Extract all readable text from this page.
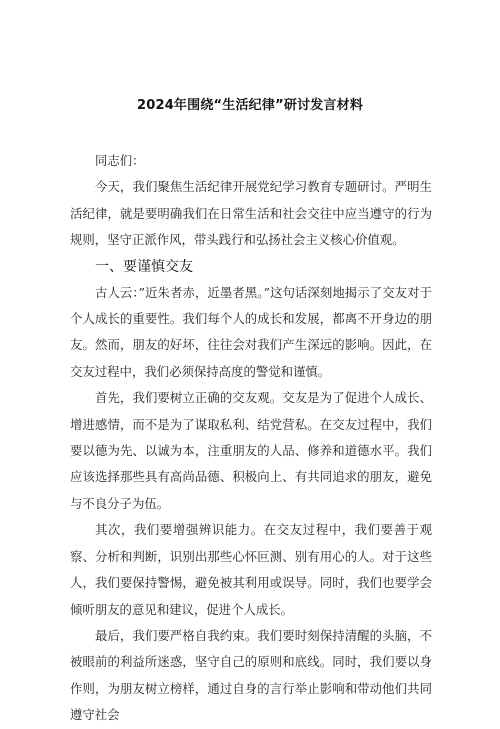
2024年围绕“生活纪律”研讨发言材料

同志们：

今天，我们聚焦生活纪律开展党纪学习教育专题研讨。严明生活纪律，就是要明确我们在日常生活和社会交往中应当遵守的行为规则，坚守正派作风，带头践行和弘扬社会主义核心价值观。

一、要谨慎交友

古人云：”近朱者赤，近墨者黑。”这句话深刻地揭示了交友对于个人成长的重要性。我们每个人的成长和发展，都离不开身边的朋友。然而，朋友的好坏，往往会对我们产生深远的影响。因此，在交友过程中，我们必须保持高度的警觉和谨慎。

首先，我们要树立正确的交友观。交友是为了促进个人成长、增进感情，而不是为了谋取私利、结党营私。在交友过程中，我们要以德为先、以诚为本，注重朋友的人品、修养和道德水平。我们应该选择那些具有高尚品德、积极向上、有共同追求的朋友，避免与不良分子为伍。

其次，我们要增强辨识能力。在交友过程中，我们要善于观察、分析和判断，识别出那些心怀叵测、别有用心的人。对于这些人，我们要保持警惕，避免被其利用或误导。同时，我们也要学会倾听朋友的意见和建议，促进个人成长。

最后，我们要严格自我约束。我们要时刻保持清醒的头脑，不被眼前的利益所迷惑，坚守自己的原则和底线。同时，我们要以身作则，为朋友树立榜样，通过自身的言行举止影响和带动他们共同遵守社会
